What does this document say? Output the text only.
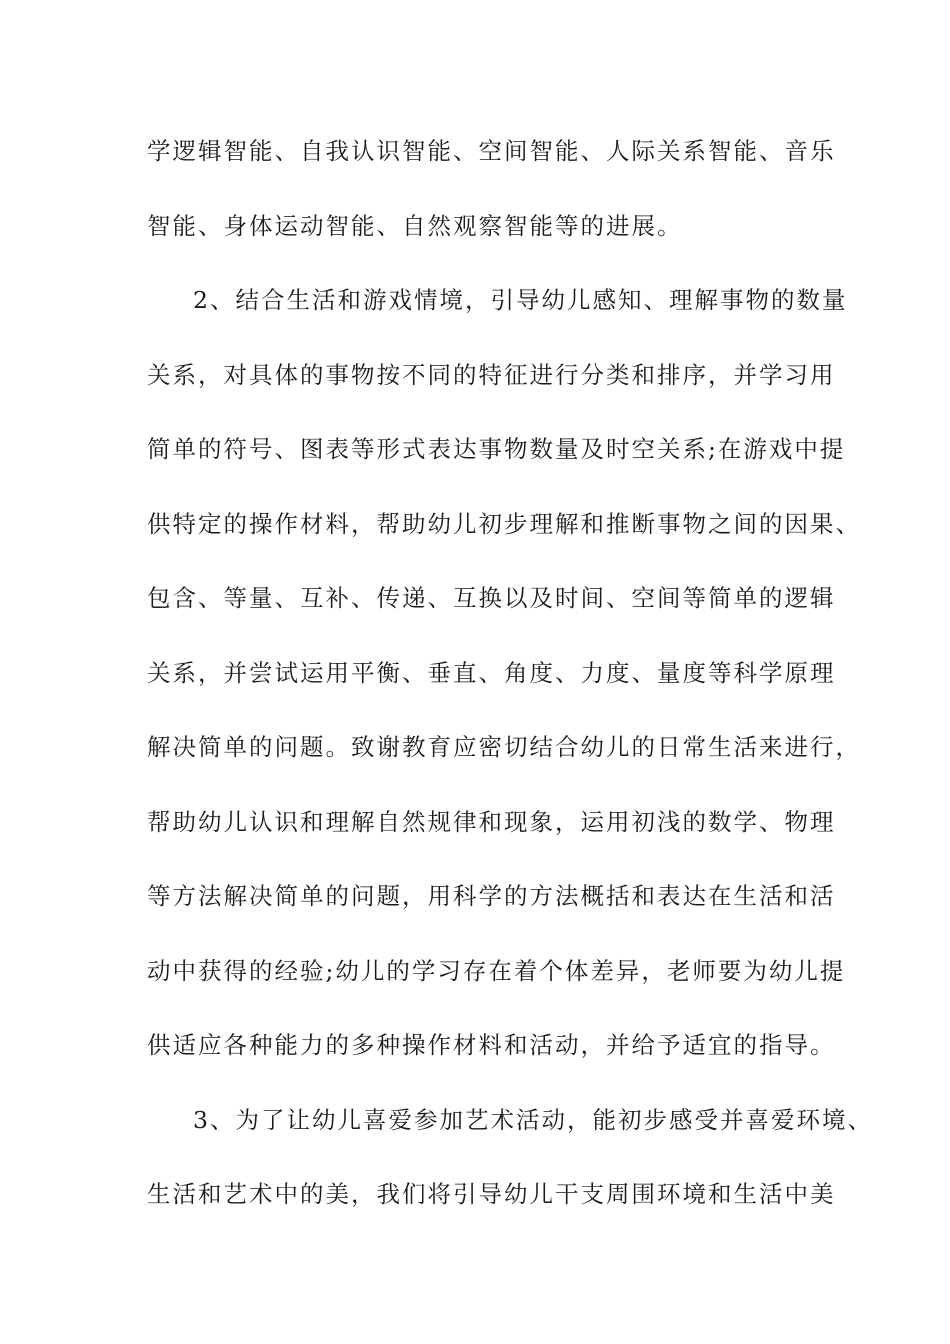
学逻辑智能、自我认识智能、空间智能、人际关系智能、音乐
智能、身体运动智能、自然观察智能等的进展。
2、结合生活和游戏情境，引导幼儿感知、理解事物的数量
关系，对具体的事物按不同的特征进行分类和排序，并学习用
简单的符号、图表等形式表达事物数量及时空关系;在游戏中提
供特定的操作材料，帮助幼儿初步理解和推断事物之间的因果、
包含、等量、互补、传递、互换以及时间、空间等简单的逻辑
关系，并尝试运用平衡、垂直、角度、力度、量度等科学原理
解决简单的问题。致谢教育应密切结合幼儿的日常生活来进行，
帮助幼儿认识和理解自然规律和现象，运用初浅的数学、物理
等方法解决简单的问题，用科学的方法概括和表达在生活和活
动中获得的经验;幼儿的学习存在着个体差异，老师要为幼儿提
供适应各种能力的多种操作材料和活动，并给予适宜的指导。
3、为了让幼儿喜爱参加艺术活动，能初步感受并喜爱环境、
生活和艺术中的美，我们将引导幼儿干支周围环境和生活中美
